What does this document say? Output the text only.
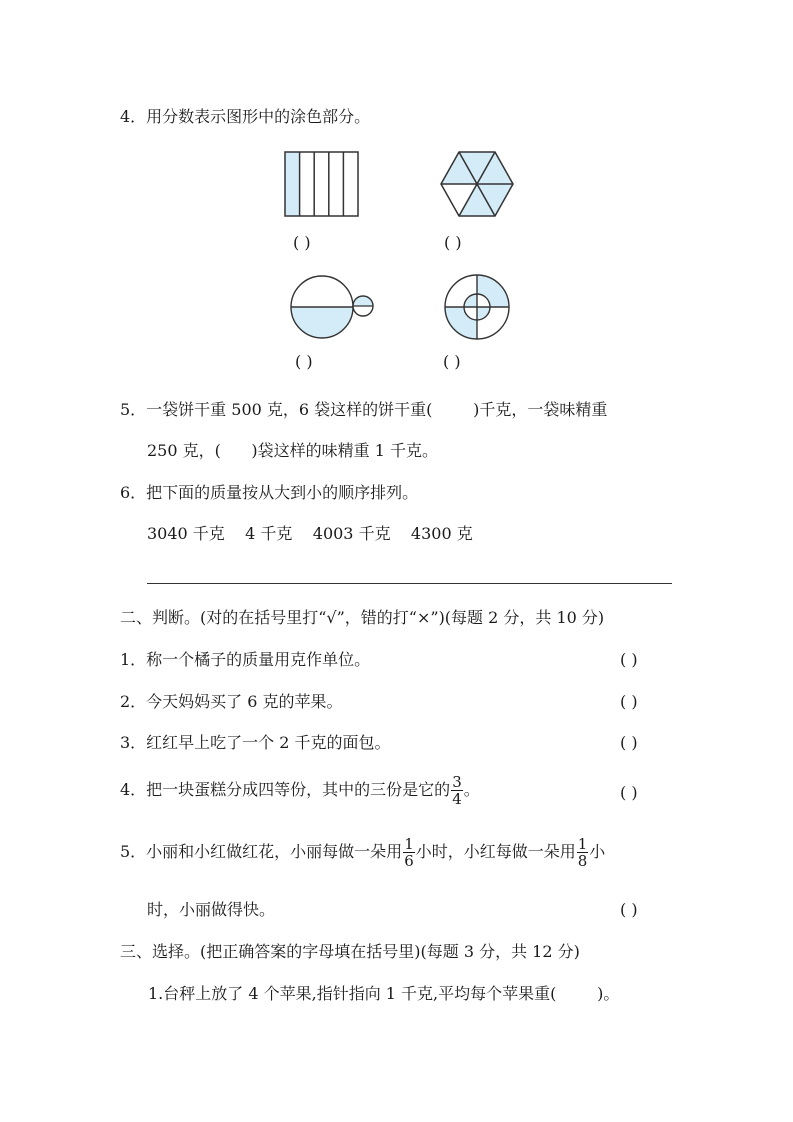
4．用分数表示图形中的涂色部分。
( )	( )
( )	( )
5．一袋饼干重 500 克，6 袋这样的饼干重(        )千克，一袋味精重
250 克，(      )袋这样的味精重 1 千克。
6．把下面的质量按从大到小的顺序排列。
3040 千克    4 千克    4003 千克    4300 克
二、判断。(对的在括号里打“√”，错的打“×”)(每题 2 分，共 10 分)
1．称一个橘子的质量用克作单位。	( )
2．今天妈妈买了 6 克的苹果。	( )
3．红红早上吃了一个 2 千克的面包。	( )
4．把一块蛋糕分成四等份，其中的三份是它的 $\frac{3}{4}$ 。	( )
5．小丽和小红做红花，小丽每做一朵用 $\frac{1}{6}$ 小时，小红每做一朵用 $\frac{1}{8}$ 小
时，小丽做得快。	( )
三、选择。(把正确答案的字母填在括号里)(每题 3 分，共 12 分)
1.台秤上放了 4 个苹果,指针指向 1 千克,平均每个苹果重(        )。
